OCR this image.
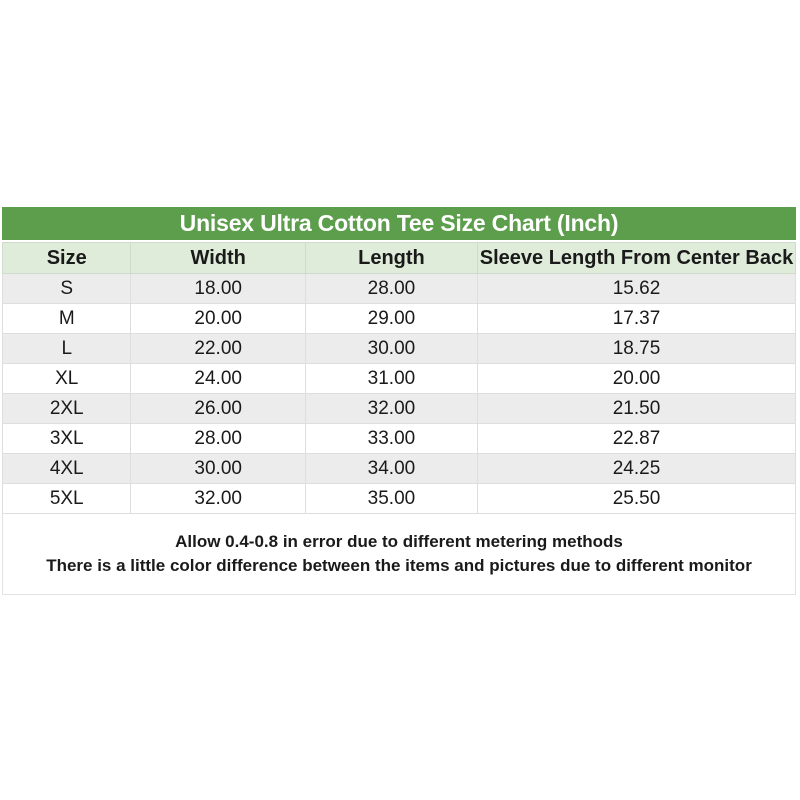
Unisex Ultra Cotton Tee Size Chart (Inch)
Size	Width	Length	Sleeve Length From Center Back
S	18.00	28.00	15.62
M	20.00	29.00	17.37
L	22.00	30.00	18.75
XL	24.00	31.00	20.00
2XL	26.00	32.00	21.50
3XL	28.00	33.00	22.87
4XL	30.00	34.00	24.25
5XL	32.00	35.00	25.50
Allow 0.4-0.8 in error due to different metering methods
There is a little color difference between the items and pictures due to different monitor
